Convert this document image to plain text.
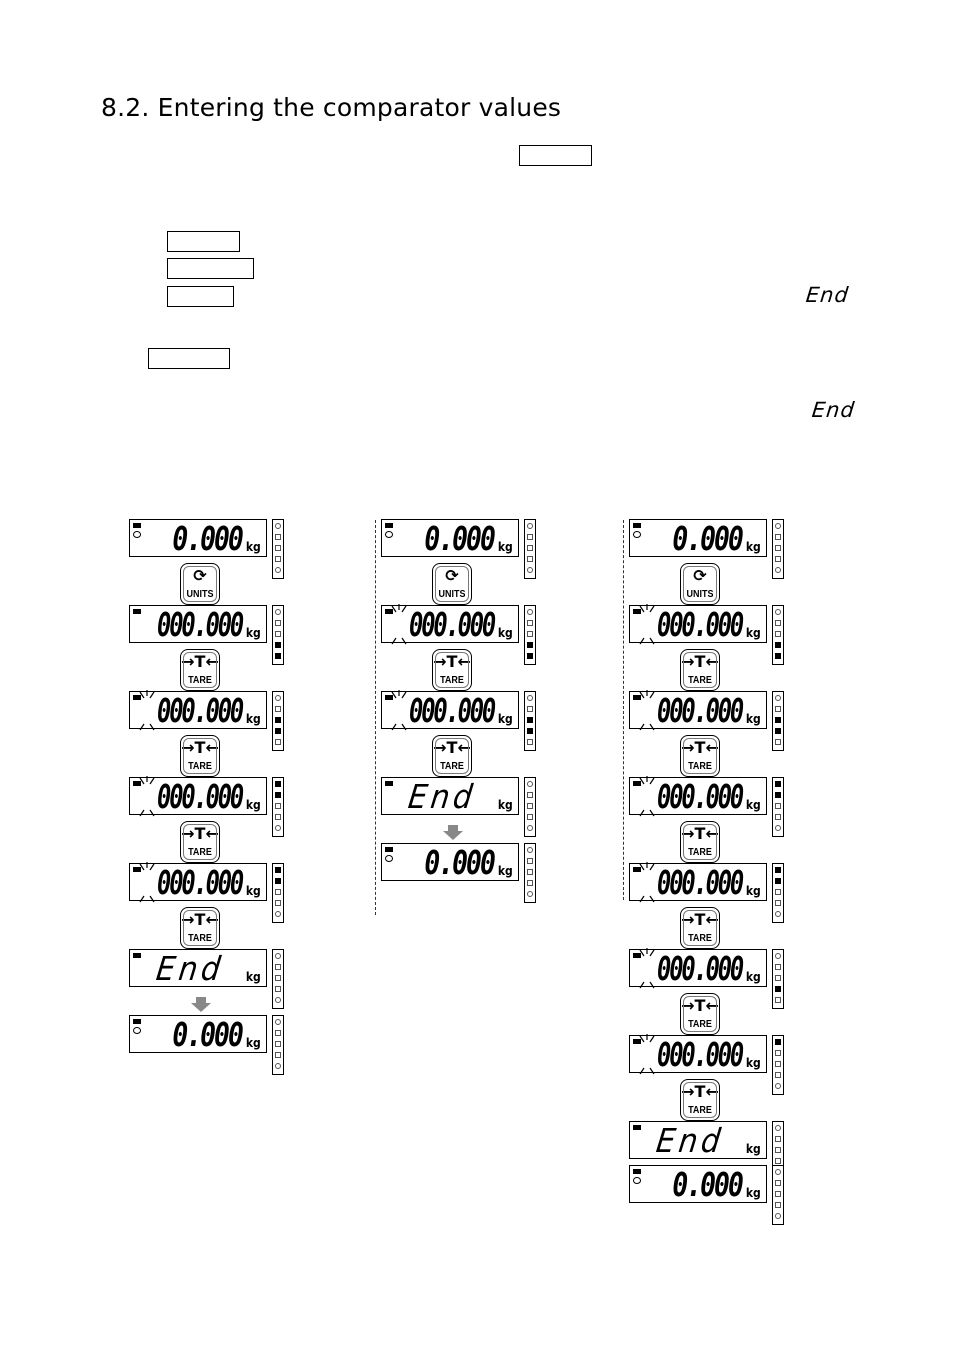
8.2. Entering the comparator values
End
End
0.000 kg
⟳
UNITS
000.000 kg
→T←
TARE
000.000 kg
→T←
TARE
000.000 kg
→T←
TARE
000.000 kg
→T←
TARE
End kg
0.000 kg
0.000 kg
⟳
UNITS
000.000 kg
→T←
TARE
000.000 kg
→T←
TARE
End kg
0.000 kg
0.000 kg
⟳
UNITS
000.000 kg
→T←
TARE
000.000 kg
→T←
TARE
000.000 kg
→T←
TARE
000.000 kg
→T←
TARE
000.000 kg
→T←
TARE
000.000 kg
→T←
TARE
End kg
0.000 kg
